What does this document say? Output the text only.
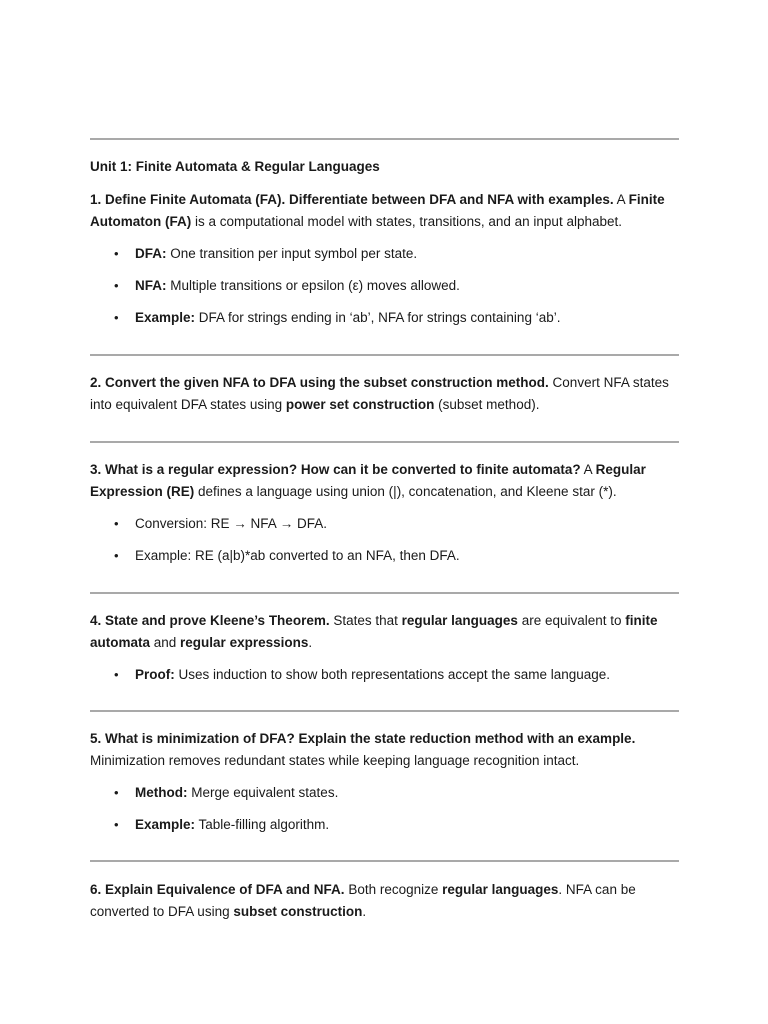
Unit 1: Finite Automata & Regular Languages

1. Define Finite Automata (FA). Differentiate between DFA and NFA with examples. A Finite Automaton (FA) is a computational model with states, transitions, and an input alphabet.

• DFA: One transition per input symbol per state.
• NFA: Multiple transitions or epsilon (ε) moves allowed.
• Example: DFA for strings ending in ‘ab’, NFA for strings containing ‘ab’.

2. Convert the given NFA to DFA using the subset construction method. Convert NFA states into equivalent DFA states using power set construction (subset method).

3. What is a regular expression? How can it be converted to finite automata? A Regular Expression (RE) defines a language using union (|), concatenation, and Kleene star (*).

• Conversion: RE → NFA → DFA.
• Example: RE (a|b)*ab converted to an NFA, then DFA.

4. State and prove Kleene’s Theorem. States that regular languages are equivalent to finite automata and regular expressions.

• Proof: Uses induction to show both representations accept the same language.

5. What is minimization of DFA? Explain the state reduction method with an example. Minimization removes redundant states while keeping language recognition intact.

• Method: Merge equivalent states.
• Example: Table-filling algorithm.

6. Explain Equivalence of DFA and NFA. Both recognize regular languages. NFA can be converted to DFA using subset construction.
